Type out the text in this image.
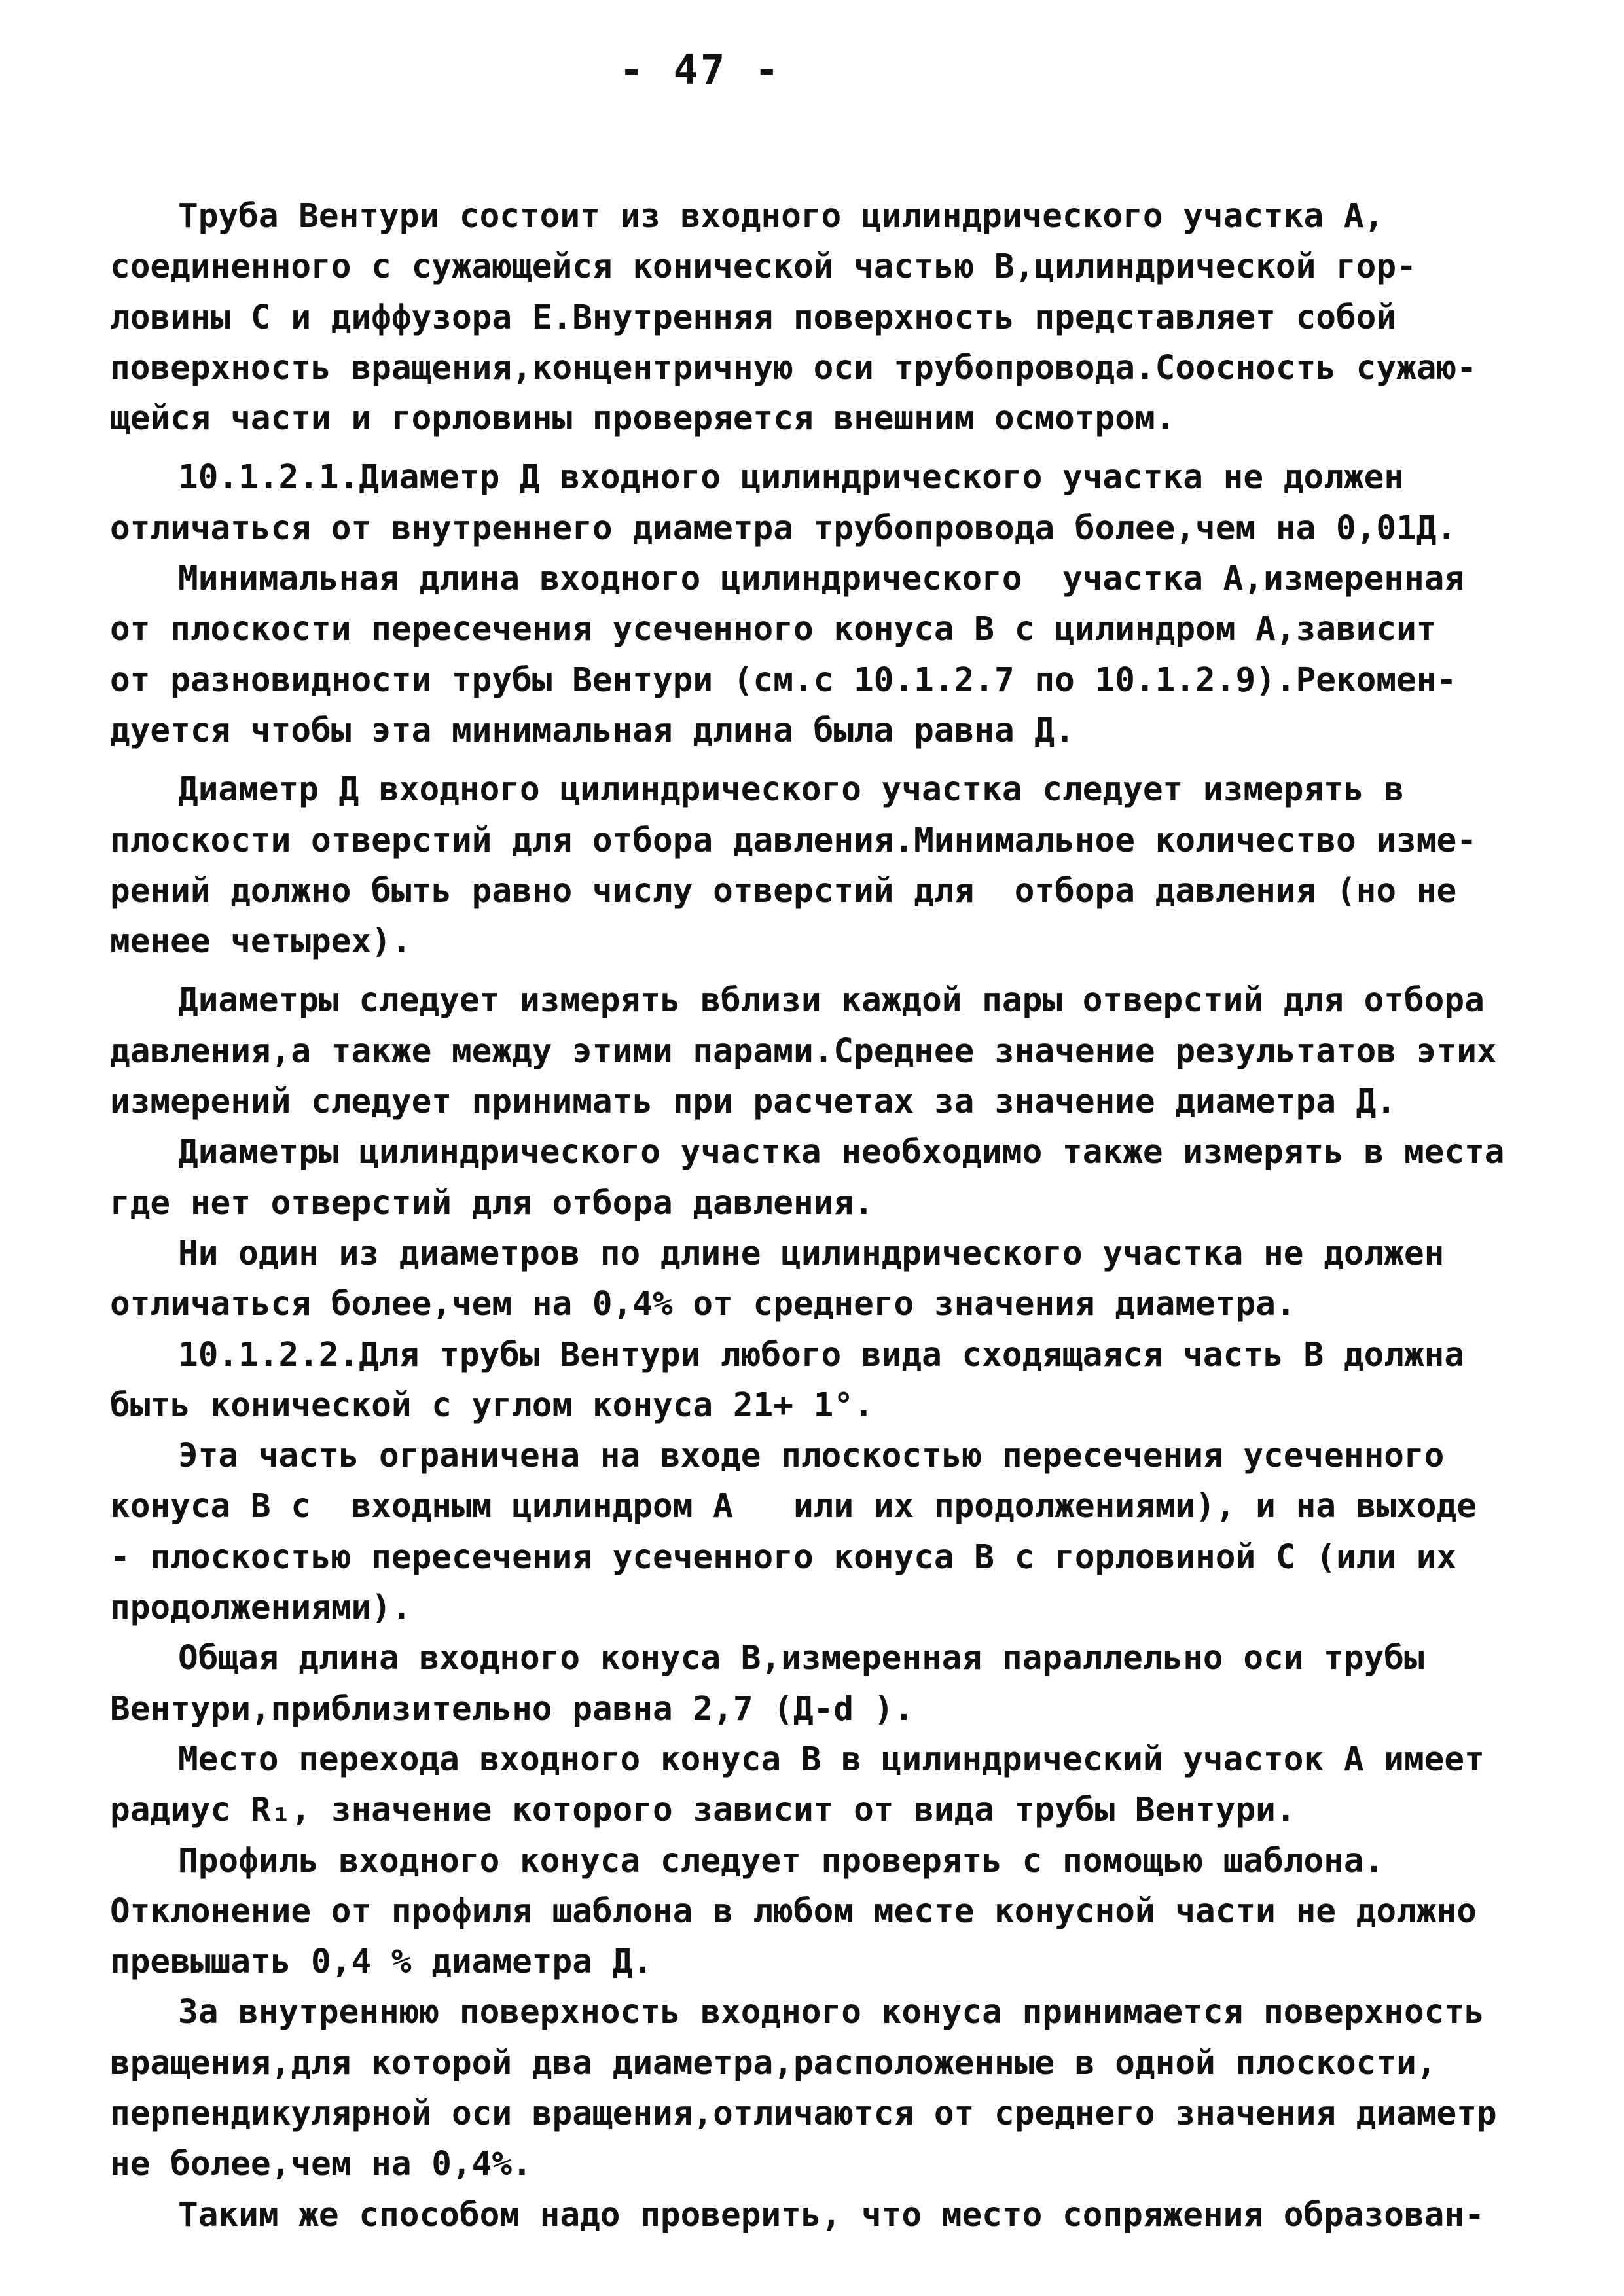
- 47 -
Труба Вентури состоит из входного цилиндрического участка А,
соединенного с сужающейся конической частью В,цилиндрической гор-
ловины С и диффузора Е.Внутренняя поверхность представляет собой
поверхность вращения,концентричную оси трубопровода.Соосность сужаю-
щейся части и горловины проверяется внешним осмотром.
10.1.2.1.Диаметр Д входного цилиндрического участка не должен
отличаться от внутреннего диаметра трубопровода более,чем на 0,01Д.
Минимальная длина входного цилиндрического  участка А,измеренная
от плоскости пересечения усеченного конуса В с цилиндром А,зависит
от разновидности трубы Вентури (см.с 10.1.2.7 по 10.1.2.9).Рекомен-
дуется чтобы эта минимальная длина была равна Д.
Диаметр Д входного цилиндрического участка следует измерять в
плоскости отверстий для отбора давления.Минимальное количество изме-
рений должно быть равно числу отверстий для  отбора давления (но не
менее четырех).
Диаметры следует измерять вблизи каждой пары отверстий для отбора
давления,а также между этими парами.Среднее значение результатов этих
измерений следует принимать при расчетах за значение диаметра Д.
Диаметры цилиндрического участка необходимо также измерять в места
где нет отверстий для отбора давления.
Ни один из диаметров по длине цилиндрического участка не должен
отличаться более,чем на 0,4% от среднего значения диаметра.
10.1.2.2.Для трубы Вентури любого вида сходящаяся часть В должна
быть конической с углом конуса 21+ 1°.
Эта часть ограничена на входе плоскостью пересечения усеченного
конуса В с  входным цилиндром А   или их продолжениями), и на выходе
- плоскостью пересечения усеченного конуса В с горловиной С (или их
продолжениями).
Общая длина входного конуса В,измеренная параллельно оси трубы
Вентури,приблизительно равна 2,7 (Д-d ).
Место перехода входного конуса В в цилиндрический участок А имеет
радиус R₁, значение которого зависит от вида трубы Вентури.
Профиль входного конуса следует проверять с помощью шаблона.
Отклонение от профиля шаблона в любом месте конусной части не должно
превышать 0,4 % диаметра Д.
За внутреннюю поверхность входного конуса принимается поверхность
вращения,для которой два диаметра,расположенные в одной плоскости,
перпендикулярной оси вращения,отличаются от среднего значения диаметр
не более,чем на 0,4%.
Таким же способом надо проверить, что место сопряжения образован-
